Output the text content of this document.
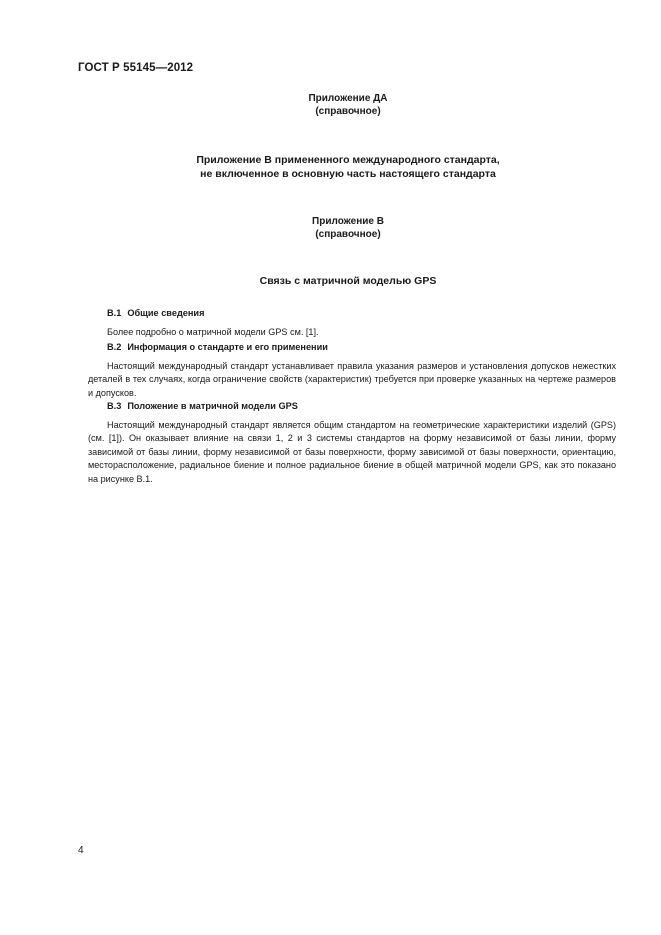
ГОСТ Р 55145—2012
Приложение ДА
(справочное)
Приложение В примененного международного стандарта,
не включенное в основную часть настоящего стандарта
Приложение В
(справочное)
Связь с матричной моделью GPS

В.1 Общие сведения

Более подробно о матричной модели GPS см. [1].

В.2 Информация о стандарте и его применении

Настоящий международный стандарт устанавливает правила указания размеров и установления допусков нежестких деталей в тех случаях, когда ограничение свойств (характеристик) требуется при проверке указанных на чертеже размеров и допусков.

В.3 Положение в матричной модели GPS

Настоящий международный стандарт является общим стандартом на геометрические характеристики изделий (GPS) (см. [1]). Он оказывает влияние на связи 1, 2 и 3 системы стандартов на форму независимой от базы линии, форму зависимой от базы линии, форму независимой от базы поверхности, форму зависимой от базы поверхности, ориентацию, месторасположение, радиальное биение и полное радиальное биение в общей матричной модели GPS, как это показано на рисунке В.1.

4
